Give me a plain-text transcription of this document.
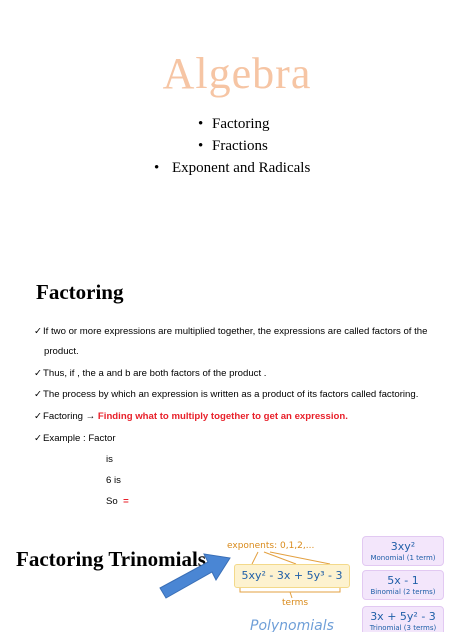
Algebra
• Factoring
• Fractions
• Exponent and Radicals
Factoring
✓If two or more expressions are multiplied together, the expressions are called factors of the
product.
✓Thus, if , the a and b are both factors of the product .
✓The process by which an expression is written as a product of its factors called factoring.
✓Factoring → Finding what to multiply together to get an expression.
✓Example : Factor
is
6 is
So =
Factoring Trinomials
exponents: 0,1,2,...
5xy² - 3x + 5y³ - 3
terms
Polynomials
3xy²
Monomial (1 term)
5x - 1
Binomial (2 terms)
3x + 5y² - 3
Trinomial (3 terms)
